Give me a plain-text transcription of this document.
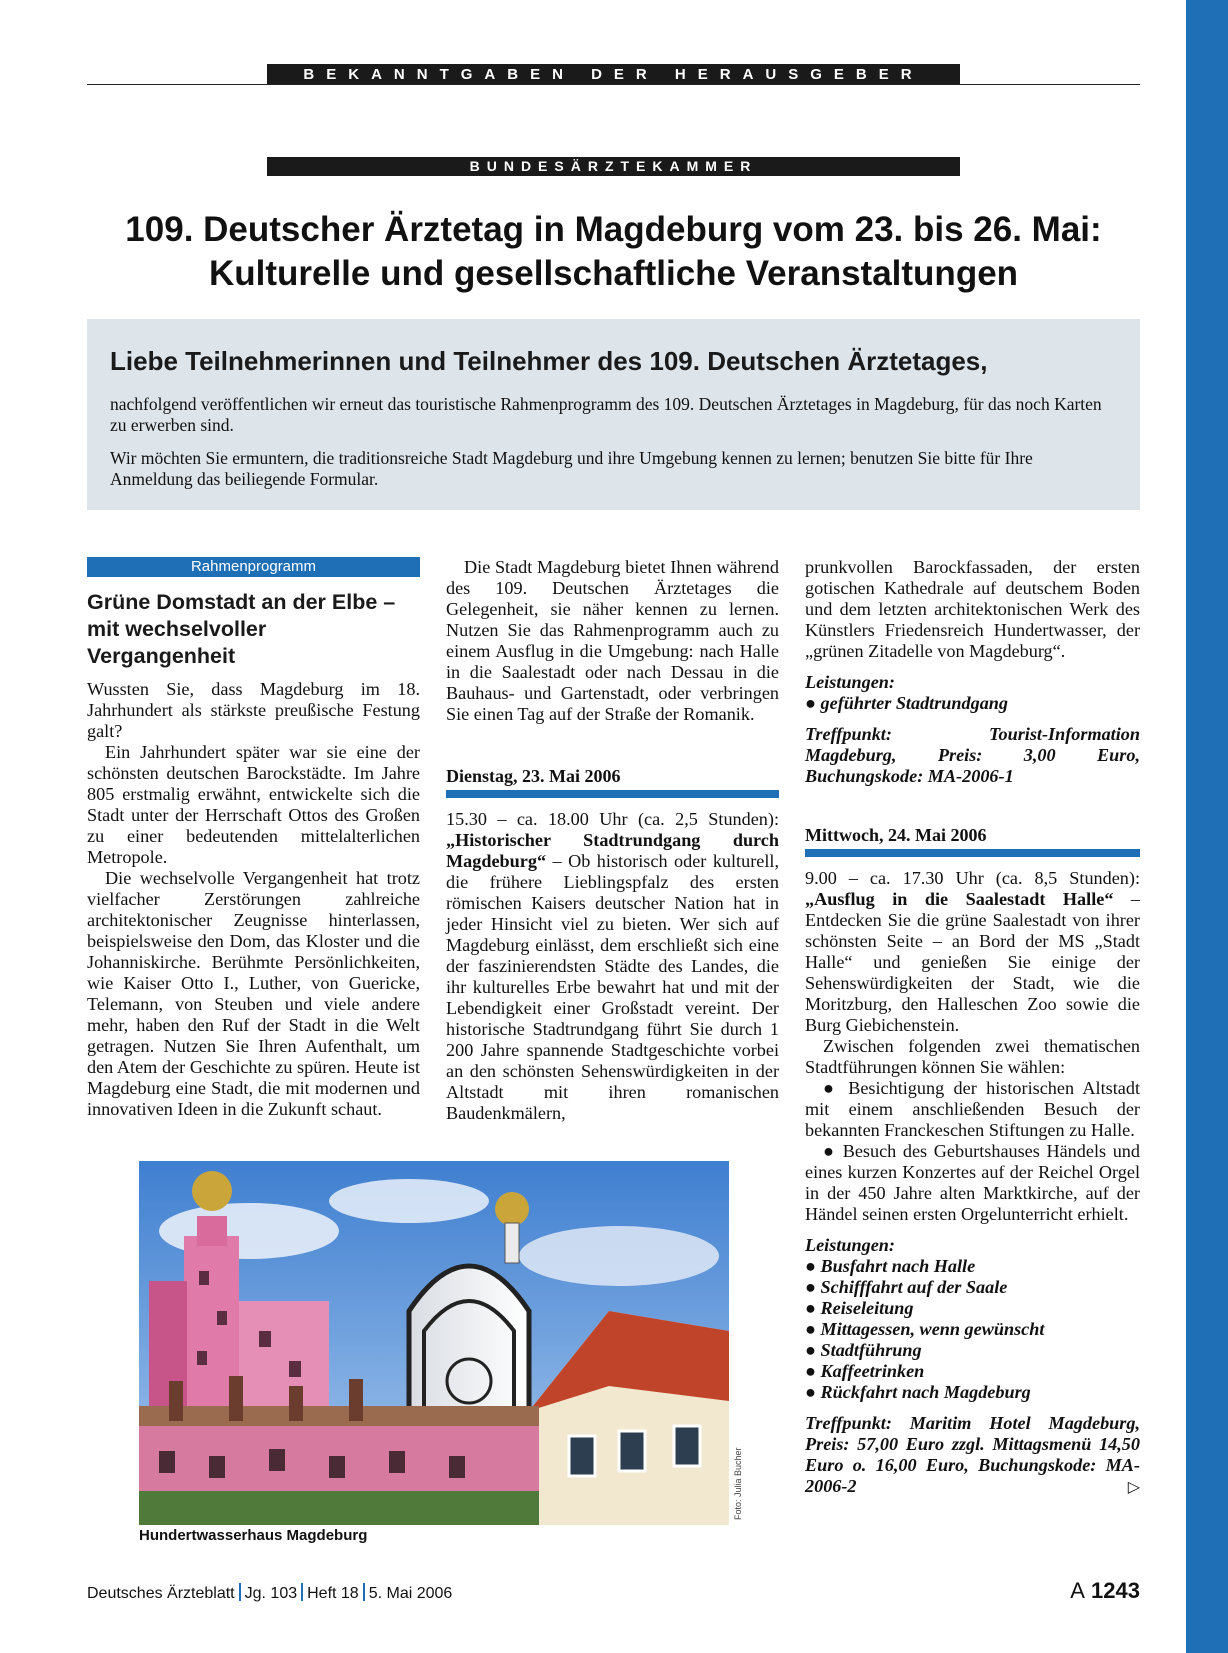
BEKANNTGABEN DER HERAUSGEBER
BUNDESÄRZTEKAMMER
109. Deutscher Ärztetag in Magdeburg vom 23. bis 26. Mai:
Kulturelle und gesellschaftliche Veranstaltungen
Liebe Teilnehmerinnen und Teilnehmer des 109. Deutschen Ärztetages,

nachfolgend veröffentlichen wir erneut das touristische Rahmenprogramm des 109. Deutschen Ärztetages in Magdeburg, für das noch Karten zu erwerben sind.

Wir möchten Sie ermuntern, die traditionsreiche Stadt Magdeburg und ihre Umgebung kennen zu lernen; benutzen Sie bitte für Ihre Anmeldung das beiliegende Formular.

Rahmenprogramm
Grüne Domstadt an der Elbe –
mit wechselvoller Vergangenheit

Wussten Sie, dass Magdeburg im 18. Jahrhundert als stärkste preußische Festung galt?

Ein Jahrhundert später war sie eine der schönsten deutschen Barockstädte. Im Jahre 805 erstmalig erwähnt, entwickelte sich die Stadt unter der Herrschaft Ottos des Großen zu einer bedeutenden mittelalterlichen Metropole.

Die wechselvolle Vergangenheit hat trotz vielfacher Zerstörungen zahlreiche architektonischer Zeugnisse hinterlassen, beispielsweise den Dom, das Kloster und die Johanniskirche. Berühmte Persönlichkeiten, wie Kaiser Otto I., Luther, von Guericke, Telemann, von Steuben und viele andere mehr, haben den Ruf der Stadt in die Welt getragen. Nutzen Sie Ihren Aufenthalt, um den Atem der Geschichte zu spüren. Heute ist Magdeburg eine Stadt, die mit modernen und innovativen Ideen in die Zukunft schaut.

Die Stadt Magdeburg bietet Ihnen während des 109. Deutschen Ärztetages die Gelegenheit, sie näher kennen zu lernen. Nutzen Sie das Rahmenprogramm auch zu einem Ausflug in die Umgebung: nach Halle in die Saalestadt oder nach Dessau in die Bauhaus- und Gartenstadt, oder verbringen Sie einen Tag auf der Straße der Romanik.

Dienstag, 23. Mai 2006

15.30 – ca. 18.00 Uhr (ca. 2,5 Stunden): „Historischer Stadtrundgang durch Magdeburg“ – Ob historisch oder kulturell, die frühere Lieblingspfalz des ersten römischen Kaisers deutscher Nation hat in jeder Hinsicht viel zu bieten. Wer sich auf Magdeburg einlässt, dem erschließt sich eine der faszinierendsten Städte des Landes, die ihr kulturelles Erbe bewahrt hat und mit der Lebendigkeit einer Großstadt vereint. Der historische Stadtrundgang führt Sie durch 1 200 Jahre spannende Stadtgeschichte vorbei an den schönsten Sehenswürdigkeiten in der Altstadt mit ihren romanischen Baudenkmälern,

prunkvollen Barockfassaden, der ersten gotischen Kathedrale auf deutschem Boden und dem letzten architektonischen Werk des Künstlers Friedensreich Hundertwasser, der „grünen Zitadelle von Magdeburg“.

Leistungen:
● geführter Stadtrundgang

Treffpunkt: Tourist-Information Magdeburg, Preis: 3,00 Euro, Buchungskode: MA-2006-1

Mittwoch, 24. Mai 2006

9.00 – ca. 17.30 Uhr (ca. 8,5 Stunden): „Ausflug in die Saalestadt Halle“ – Entdecken Sie die grüne Saalestadt von ihrer schönsten Seite – an Bord der MS „Stadt Halle“ und genießen Sie einige der Sehenswürdigkeiten der Stadt, wie die Moritzburg, den Halleschen Zoo sowie die Burg Giebichenstein.

Zwischen folgenden zwei thematischen Stadtführungen können Sie wählen:

● Besichtigung der historischen Altstadt mit einem anschließenden Besuch der bekannten Franckeschen Stiftungen zu Halle.

● Besuch des Geburtshauses Händels und eines kurzen Konzertes auf der Reichel Orgel in der 450 Jahre alten Marktkirche, auf der Händel seinen ersten Orgelunterricht erhielt.

Leistungen:
● Busfahrt nach Halle
● Schifffahrt auf der Saale
● Reiseleitung
● Mittagessen, wenn gewünscht
● Stadtführung
● Kaffeetrinken
● Rückfahrt nach Magdeburg

Treffpunkt: Maritim Hotel Magdeburg, Preis: 57,00 Euro zzgl. Mittagsmenü 14,50 Euro o. 16,00 Euro, Buchungskode: MA-2006-2	▷

Foto: Julia Bucher
Hundertwasserhaus Magdeburg
Deutsches Ärzteblatt Jg. 103 Heft 18 5. Mai 2006	A 1243
